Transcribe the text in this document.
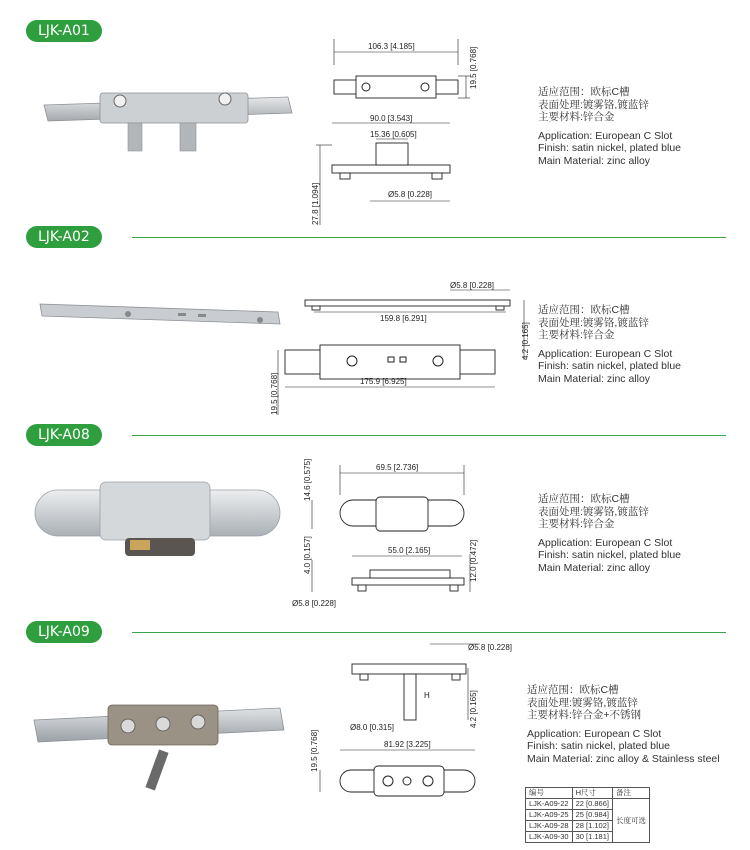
LJK-A01
106.3 [4.185]
19.5 [0.768]
90.0 [3.543]
15.36 [0.605]
27.8 [1.094]	Ø5.8 [0.228]
适应范围：欧标C槽
表面处理:镀雾铬,镀蓝锌
主要材料:锌合金
Application: European C Slot
Finish: satin nickel, plated blue
Main Material: zinc alloy
LJK-A02
Ø5.8 [0.228]
159.8 [6.291]
4.2 [0.165]
175.9 [6.925]
19.5 [0.768]
适应范围：欧标C槽
表面处理:镀雾铬,镀蓝锌
主要材料:锌合金
Application: European C Slot
Finish: satin nickel, plated blue
Main Material: zinc alloy
LJK-A08
69.5 [2.736]
14.6 [0.575]
55.0 [2.165]
4.0 [0.157]	12.0 [0.472]
Ø5.8 [0.228]
适应范围：欧标C槽
表面处理:镀雾铬,镀蓝锌
主要材料:锌合金
Application: European C Slot
Finish: satin nickel, plated blue
Main Material: zinc alloy
LJK-A09
Ø5.8 [0.228]
H	4.2 [0.165]
Ø8.0 [0.315]
81.92 [3.225]
19.5 [0.768]
适应范围：欧标C槽
表面处理:镀雾铬,镀蓝锌
主要材料:锌合金+不锈钢
Application: European C Slot
Finish: satin nickel, plated blue
Main Material: zinc alloy & Stainless steel
编号	H尺寸	备注
LJK-A09-22	22 [0.866]	长度可选
LJK-A09-25	25 [0.984]	
LJK-A09-28	28 [1.102]	
LJK-A09-30	30 [1.181]	
